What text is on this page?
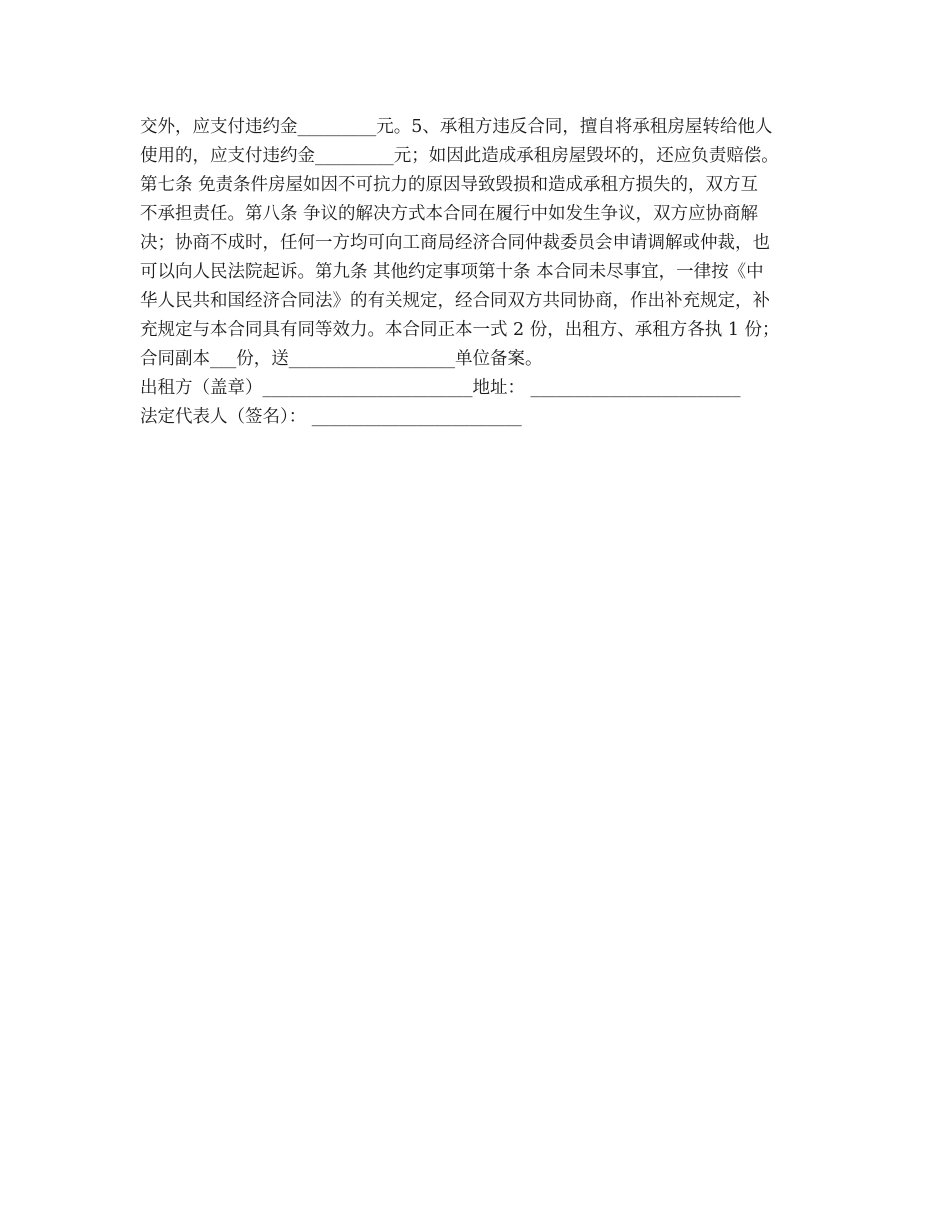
交外，应支付违约金_________元。5、承租方违反合同，擅自将承租房屋转给他人
使用的，应支付违约金_________元；如因此造成承租房屋毁坏的，还应负责赔偿。
第七条 免责条件房屋如因不可抗力的原因导致毁损和造成承租方损失的，双方互
不承担责任。第八条 争议的解决方式本合同在履行中如发生争议，双方应协商解
决；协商不成时，任何一方均可向工商局经济合同仲裁委员会申请调解或仲裁，也
可以向人民法院起诉。第九条 其他约定事项第十条 本合同未尽事宜，一律按《中
华人民共和国经济合同法》的有关规定，经合同双方共同协商，作出补充规定，补
充规定与本合同具有同等效力。本合同正本一式 2 份，出租方、承租方各执 1 份；
合同副本___份，送___________________单位备案。
出租方（盖章）________________________地址： ________________________
法定代表人（签名）： ________________________
